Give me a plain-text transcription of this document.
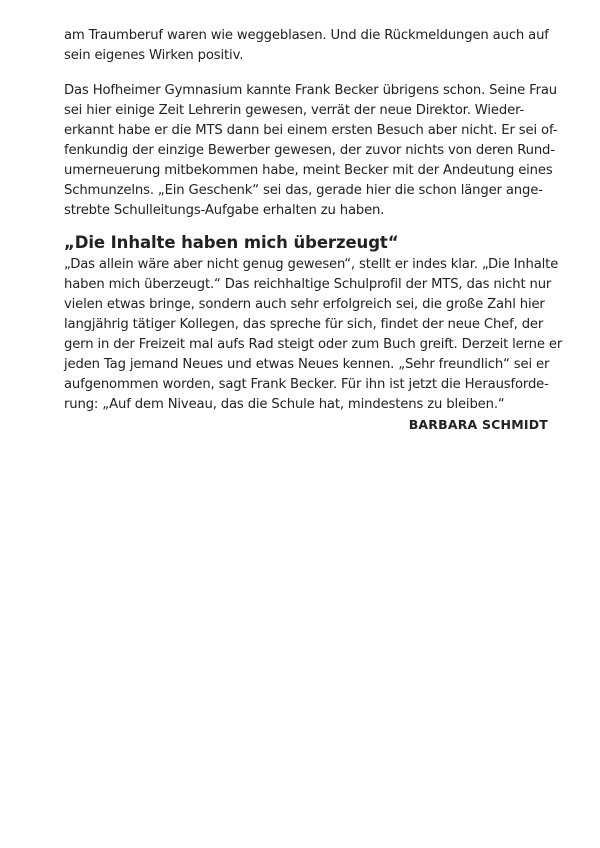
am Traumberuf waren wie weggeblasen. Und die Rückmeldungen auch auf
sein eigenes Wirken positiv.
Das Hofheimer Gymnasium kannte Frank Becker übrigens schon. Seine Frau
sei hier einige Zeit Lehrerin gewesen, verrät der neue Direktor. Wieder-
erkannt habe er die MTS dann bei einem ersten Besuch aber nicht. Er sei of-
fenkundig der einzige Bewerber gewesen, der zuvor nichts von deren Rund-
umerneuerung mitbekommen habe, meint Becker mit der Andeutung eines
Schmunzelns. „Ein Geschenk“ sei das, gerade hier die schon länger ange-
strebte Schulleitungs-Aufgabe erhalten zu haben.
„Die Inhalte haben mich überzeugt“
„Das allein wäre aber nicht genug gewesen“, stellt er indes klar. „Die Inhalte
haben mich überzeugt.“ Das reichhaltige Schulprofil der MTS, das nicht nur
vielen etwas bringe, sondern auch sehr erfolgreich sei, die große Zahl hier
langjährig tätiger Kollegen, das spreche für sich, findet der neue Chef, der
gern in der Freizeit mal aufs Rad steigt oder zum Buch greift. Derzeit lerne er
jeden Tag jemand Neues und etwas Neues kennen. „Sehr freundlich“ sei er
aufgenommen worden, sagt Frank Becker. Für ihn ist jetzt die Herausforde-
rung: „Auf dem Niveau, das die Schule hat, mindestens zu bleiben.“
BARBARA SCHMIDT
